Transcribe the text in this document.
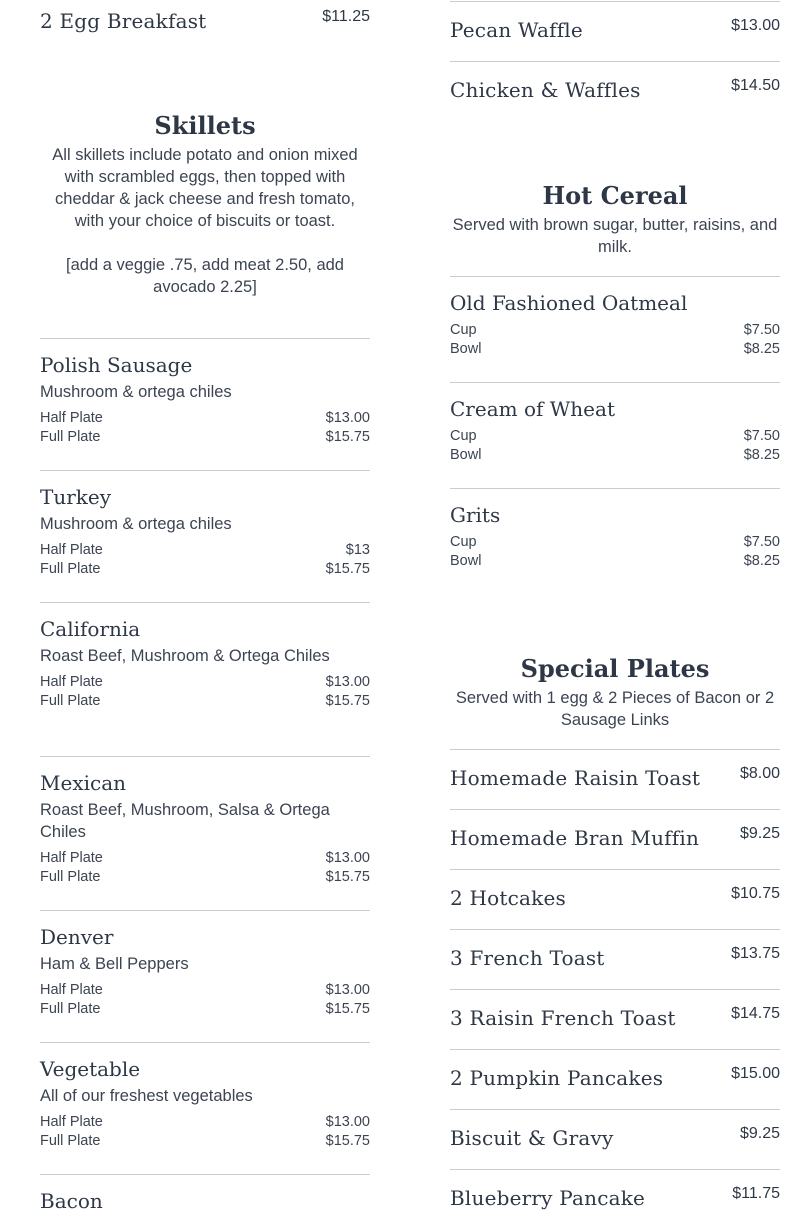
2 Egg Breakfast	$11.25
Skillets

All skillets include potato and onion mixed with scrambled eggs, then topped with cheddar & jack cheese and fresh tomato, with your choice of biscuits or toast.

[add a veggie .75, add meat 2.50, add avocado 2.25]

Polish Sausage
Mushroom & ortega chiles
Half Plate	$13.00
Full Plate	$15.75
Turkey
Mushroom & ortega chiles
Half Plate	$13
Full Plate	$15.75
California
Roast Beef, Mushroom & Ortega Chiles
Half Plate	$13.00
Full Plate	$15.75
Mexican
Roast Beef, Mushroom, Salsa & Ortega Chiles
Half Plate	$13.00
Full Plate	$15.75
Denver
Ham & Bell Peppers
Half Plate	$13.00
Full Plate	$15.75
Vegetable
All of our freshest vegetables
Half Plate	$13.00
Full Plate	$15.75
Bacon
Pecan Waffle	$13.00
Chicken & Waffles	$14.50
Hot Cereal

Served with brown sugar, butter, raisins, and milk.

Old Fashioned Oatmeal
Cup	$7.50
Bowl	$8.25
Cream of Wheat
Cup	$7.50
Bowl	$8.25
Grits
Cup	$7.50
Bowl	$8.25
Special Plates

Served with 1 egg & 2 Pieces of Bacon or 2 Sausage Links

Homemade Raisin Toast $8.00
Homemade Bran Muffin	$9.25
2 Hotcakes	$10.75
3 French Toast	$13.75
3 Raisin French Toast	$14.75
2 Pumpkin Pancakes	$15.00
Biscuit & Gravy	$9.25
Blueberry Pancake	$11.75
